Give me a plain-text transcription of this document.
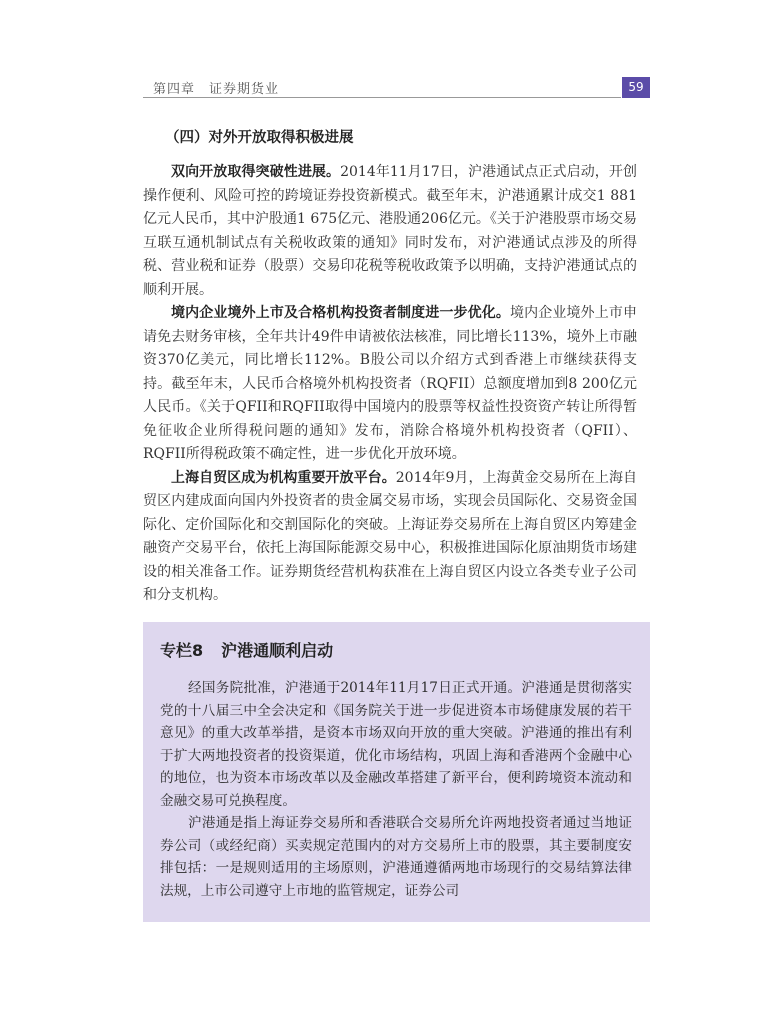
第四章　证券期货业	59
（四）对外开放取得积极进展

双向开放取得突破性进展。2014年11月17日，沪港通试点正式启动，开创操作便利、风险可控的跨境证券投资新模式。截至年末，沪港通累计成交1 881亿元人民币，其中沪股通1 675亿元、港股通206亿元。《关于沪港股票市场交易互联互通机制试点有关税收政策的通知》同时发布，对沪港通试点涉及的所得税、营业税和证券（股票）交易印花税等税收政策予以明确，支持沪港通试点的顺利开展。

境内企业境外上市及合格机构投资者制度进一步优化。境内企业境外上市申请免去财务审核，全年共计49件申请被依法核准，同比增长113%，境外上市融资370亿美元，同比增长112%。B股公司以介绍方式到香港上市继续获得支持。截至年末，人民币合格境外机构投资者（RQFII）总额度增加到8 200亿元人民币。《关于QFII和RQFII取得中国境内的股票等权益性投资资产转让所得暂免征收企业所得税问题的通知》发布，消除合格境外机构投资者（QFII）、RQFII所得税政策不确定性，进一步优化开放环境。

上海自贸区成为机构重要开放平台。2014年9月，上海黄金交易所在上海自贸区内建成面向国内外投资者的贵金属交易市场，实现会员国际化、交易资金国际化、定价国际化和交割国际化的突破。上海证券交易所在上海自贸区内筹建金融资产交易平台，依托上海国际能源交易中心，积极推进国际化原油期货市场建设的相关准备工作。证券期货经营机构获准在上海自贸区内设立各类专业子公司和分支机构。

专栏8 沪港通顺利启动

经国务院批准，沪港通于2014年11月17日正式开通。沪港通是贯彻落实党的十八届三中全会决定和《国务院关于进一步促进资本市场健康发展的若干意见》的重大改革举措，是资本市场双向开放的重大突破。沪港通的推出有利于扩大两地投资者的投资渠道，优化市场结构，巩固上海和香港两个金融中心的地位，也为资本市场改革以及金融改革搭建了新平台，便利跨境资本流动和金融交易可兑换程度。

沪港通是指上海证券交易所和香港联合交易所允许两地投资者通过当地证券公司（或经纪商）买卖规定范围内的对方交易所上市的股票，其主要制度安排包括：一是规则适用的主场原则，沪港通遵循两地市场现行的交易结算法律法规，上市公司遵守上市地的监管规定，证券公司
